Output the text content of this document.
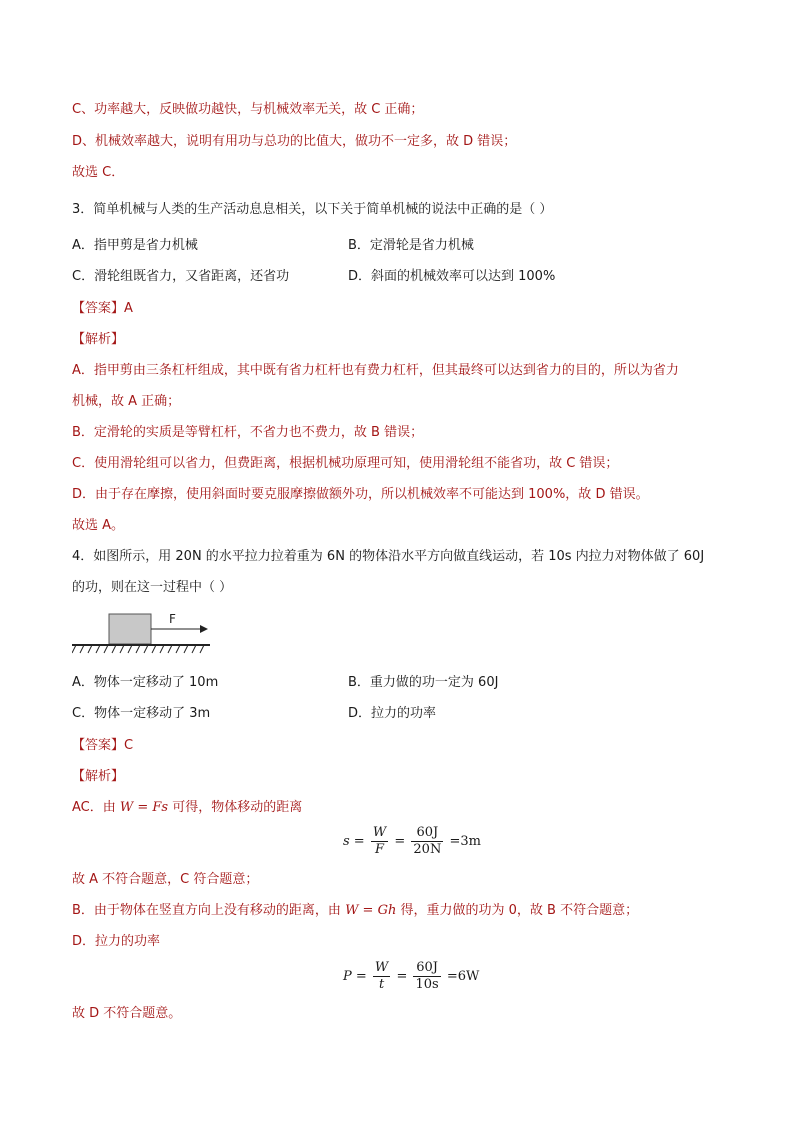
C、功率越大，反映做功越快，与机械效率无关，故 C 正确；
D、机械效率越大，说明有用功与总功的比值大，做功不一定多，故 D 错误；
故选 C．
3．简单机械与人类的生产活动息息相关，以下关于简单机械的说法中正确的是（ ）
A．指甲剪是省力机械	B．定滑轮是省力机械
C．滑轮组既省力，又省距离，还省功	D．斜面的机械效率可以达到 100%
【答案】A
【解析】
A．指甲剪由三条杠杆组成，其中既有省力杠杆也有费力杠杆，但其最终可以达到省力的目的，所以为省力
机械，故 A 正确；
B．定滑轮的实质是等臂杠杆，不省力也不费力，故 B 错误；
C．使用滑轮组可以省力，但费距离，根据机械功原理可知，使用滑轮组不能省功，故 C 错误；
D．由于存在摩擦，使用斜面时要克服摩擦做额外功，所以机械效率不可能达到 100%，故 D 错误。
故选 A。
4．如图所示，用 20N 的水平拉力拉着重为 6N 的物体沿水平方向做直线运动，若 10s 内拉力对物体做了 60J
的功，则在这一过程中（ ）
F
A．物体一定移动了 10m	B．重力做的功一定为 60J
C．物体一定移动了 3m	D．拉力的功率
【答案】C
【解析】
AC．由 W = Fs 可得，物体移动的距离
$s = \frac{W}{F} = \frac{60J}{20N} =3m$
故 A 不符合题意，C 符合题意；
B．由于物体在竖直方向上没有移动的距离，由 W = Gh 得，重力做的功为 0，故 B 不符合题意；
D．拉力的功率
$P = \frac{W}{t} = \frac{60J}{10s} =6W$
故 D 不符合题意。
